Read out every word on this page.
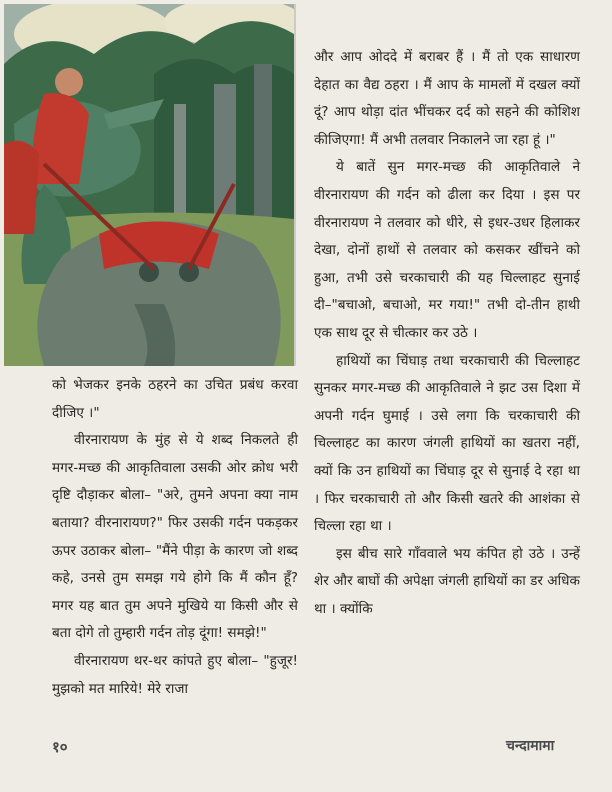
को भेजकर इनके ठहरने का उचित प्रबंध करवा दीजिए ।"

वीरनारायण के मुंह से ये शब्द निकलते ही मगर-मच्छ की आकृतिवाला उसकी ओर क्रोध भरी दृष्टि दौड़ाकर बोला– "अरे, तुमने अपना क्या नाम बताया? वीरनारायण?" फिर उसकी गर्दन पकड़कर ऊपर उठाकर बोला– "मैंने पीड़ा के कारण जो शब्द कहे, उनसे तुम समझ गये होगे कि मैं कौन हूँ? मगर यह बात तुम अपने मुखिये या किसी और से बता दोगे तो तुम्हारी गर्दन तोड़ दूंगा! समझे!"

वीरनारायण थर-थर कांपते हुए बोला– "हुजूर! मुझको मत मारिये! मेरे राजा

और आप ओददे में बराबर हैं । मैं तो एक साधारण देहात का वैद्य ठहरा । मैं आप के मामलों में दखल क्यों दूं? आप थोड़ा दांत भींचकर दर्द को सहने की कोशिश कीजिएगा! मैं अभी तलवार निकालने जा रहा हूं ।"

ये बातें सुन मगर-मच्छ की आकृतिवाले ने वीरनारायण की गर्दन को ढीला कर दिया । इस पर वीरनारायण ने तलवार को धीरे, से इधर-उधर हिलाकर देखा, दोनों हाथों से तलवार को कसकर खींचने को हुआ, तभी उसे चरकाचारी की यह चिल्लाहट सुनाई दी–"बचाओ, बचाओ, मर गया!" तभी दो-तीन हाथी एक साथ दूर से चीत्कार कर उठे ।

हाथियों का चिंघाड़ तथा चरकाचारी की चिल्लाहट सुनकर मगर-मच्छ की आकृतिवाले ने झट उस दिशा में अपनी गर्दन घुमाई । उसे लगा कि चरकाचारी की चिल्लाहट का कारण जंगली हाथियों का खतरा नहीं, क्यों कि उन हाथियों का चिंघाड़ दूर से सुनाई दे रहा था । फिर चरकाचारी तो और किसी खतरे की आशंका से चिल्ला रहा था ।

इस बीच सारे गाँववाले भय कंपित हो उठे । उन्हें शेर और बाघों की अपेक्षा जंगली हाथियों का डर अधिक था । क्योंकि

१०	चन्दामामा
